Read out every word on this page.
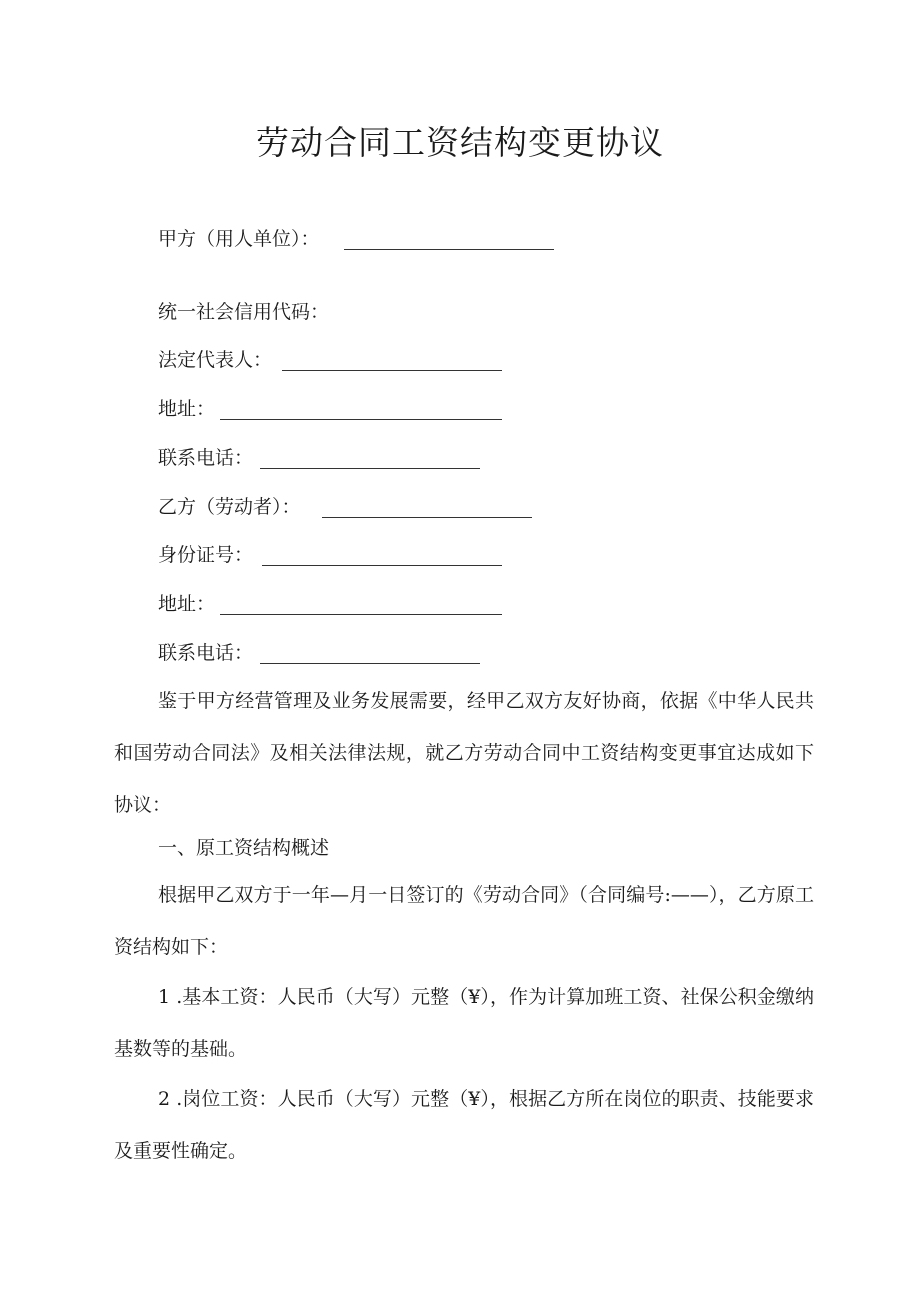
劳动合同工资结构变更协议
甲方（用人单位）：
统一社会信用代码：
法定代表人：
地址：
联系电话：
乙方（劳动者）：
身份证号：
地址：
联系电话：

鉴于甲方经营管理及业务发展需要，经甲乙双方友好协商，依据《中华人民共和国劳动合同法》及相关法律法规，就乙方劳动合同中工资结构变更事宜达成如下协议：

一、原工资结构概述

根据甲乙双方于一年—月一日签订的《劳动合同》（合同编号:——），乙方原工资结构如下：

1 .基本工资：人民币（大写）元整（¥），作为计算加班工资、社保公积金缴纳基数等的基础。

2 .岗位工资：人民币（大写）元整（¥），根据乙方所在岗位的职责、技能要求及重要性确定。
